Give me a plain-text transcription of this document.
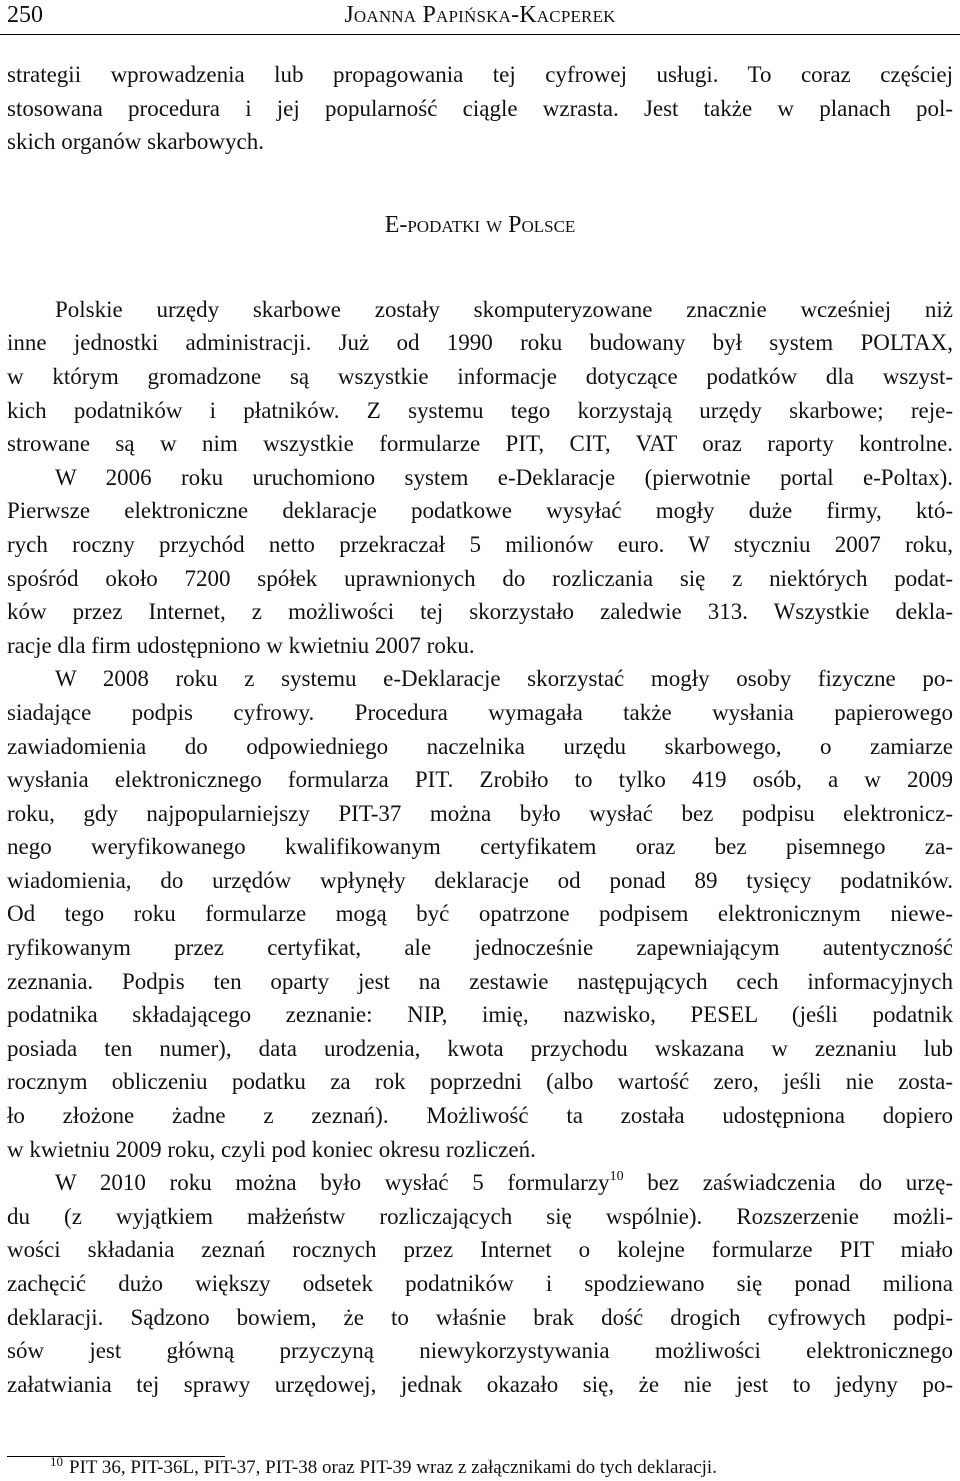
250	Joanna Papińska-Kacperek
strategii wprowadzenia lub propagowania tej cyfrowej usługi. To coraz częściej
stosowana procedura i jej popularność ciągle wzrasta. Jest także w planach pol-
skich organów skarbowych.
E-podatki w Polsce
Polskie urzędy skarbowe zostały skomputeryzowane znacznie wcześniej niż
inne jednostki administracji. Już od 1990 roku budowany był system POLTAX,
w którym gromadzone są wszystkie informacje dotyczące podatków dla wszyst-
kich podatników i płatników. Z systemu tego korzystają urzędy skarbowe; reje-
strowane są w nim wszystkie formularze PIT, CIT, VAT oraz raporty kontrolne.
W 2006 roku uruchomiono system e-Deklaracje (pierwotnie portal e-Poltax).
Pierwsze elektroniczne deklaracje podatkowe wysyłać mogły duże firmy, któ-
rych roczny przychód netto przekraczał 5 milionów euro. W styczniu 2007 roku,
spośród około 7200 spółek uprawnionych do rozliczania się z niektórych podat-
ków przez Internet, z możliwości tej skorzystało zaledwie 313. Wszystkie dekla-
racje dla firm udostępniono w kwietniu 2007 roku.
W 2008 roku z systemu e-Deklaracje skorzystać mogły osoby fizyczne po-
siadające podpis cyfrowy. Procedura wymagała także wysłania papierowego
zawiadomienia do odpowiedniego naczelnika urzędu skarbowego, o zamiarze
wysłania elektronicznego formularza PIT. Zrobiło to tylko 419 osób, a w 2009
roku, gdy najpopularniejszy PIT-37 można było wysłać bez podpisu elektronicz-
nego weryfikowanego kwalifikowanym certyfikatem oraz bez pisemnego za-
wiadomienia, do urzędów wpłynęły deklaracje od ponad 89 tysięcy podatników.
Od tego roku formularze mogą być opatrzone podpisem elektronicznym niewe-
ryfikowanym przez certyfikat, ale jednocześnie zapewniającym autentyczność
zeznania. Podpis ten oparty jest na zestawie następujących cech informacyjnych
podatnika składającego zeznanie: NIP, imię, nazwisko, PESEL (jeśli podatnik
posiada ten numer), data urodzenia, kwota przychodu wskazana w zeznaniu lub
rocznym obliczeniu podatku za rok poprzedni (albo wartość zero, jeśli nie zosta-
ło złożone żadne z zeznań). Możliwość ta została udostępniona dopiero
w kwietniu 2009 roku, czyli pod koniec okresu rozliczeń.
W 2010 roku można było wysłać 5 formularzy$^{10}$ bez zaświadczenia do urzę-
du (z wyjątkiem małżeństw rozliczających się wspólnie). Rozszerzenie możli-
wości składania zeznań rocznych przez Internet o kolejne formularze PIT miało
zachęcić dużo większy odsetek podatników i spodziewano się ponad miliona
deklaracji. Sądzono bowiem, że to właśnie brak dość drogich cyfrowych podpi-
sów jest główną przyczyną niewykorzystywania możliwości elektronicznego
załatwiania tej sprawy urzędowej, jednak okazało się, że nie jest to jedyny po-
$^{10}$ PIT 36, PIT-36L, PIT-37, PIT-38 oraz PIT-39 wraz z załącznikami do tych deklaracji.
